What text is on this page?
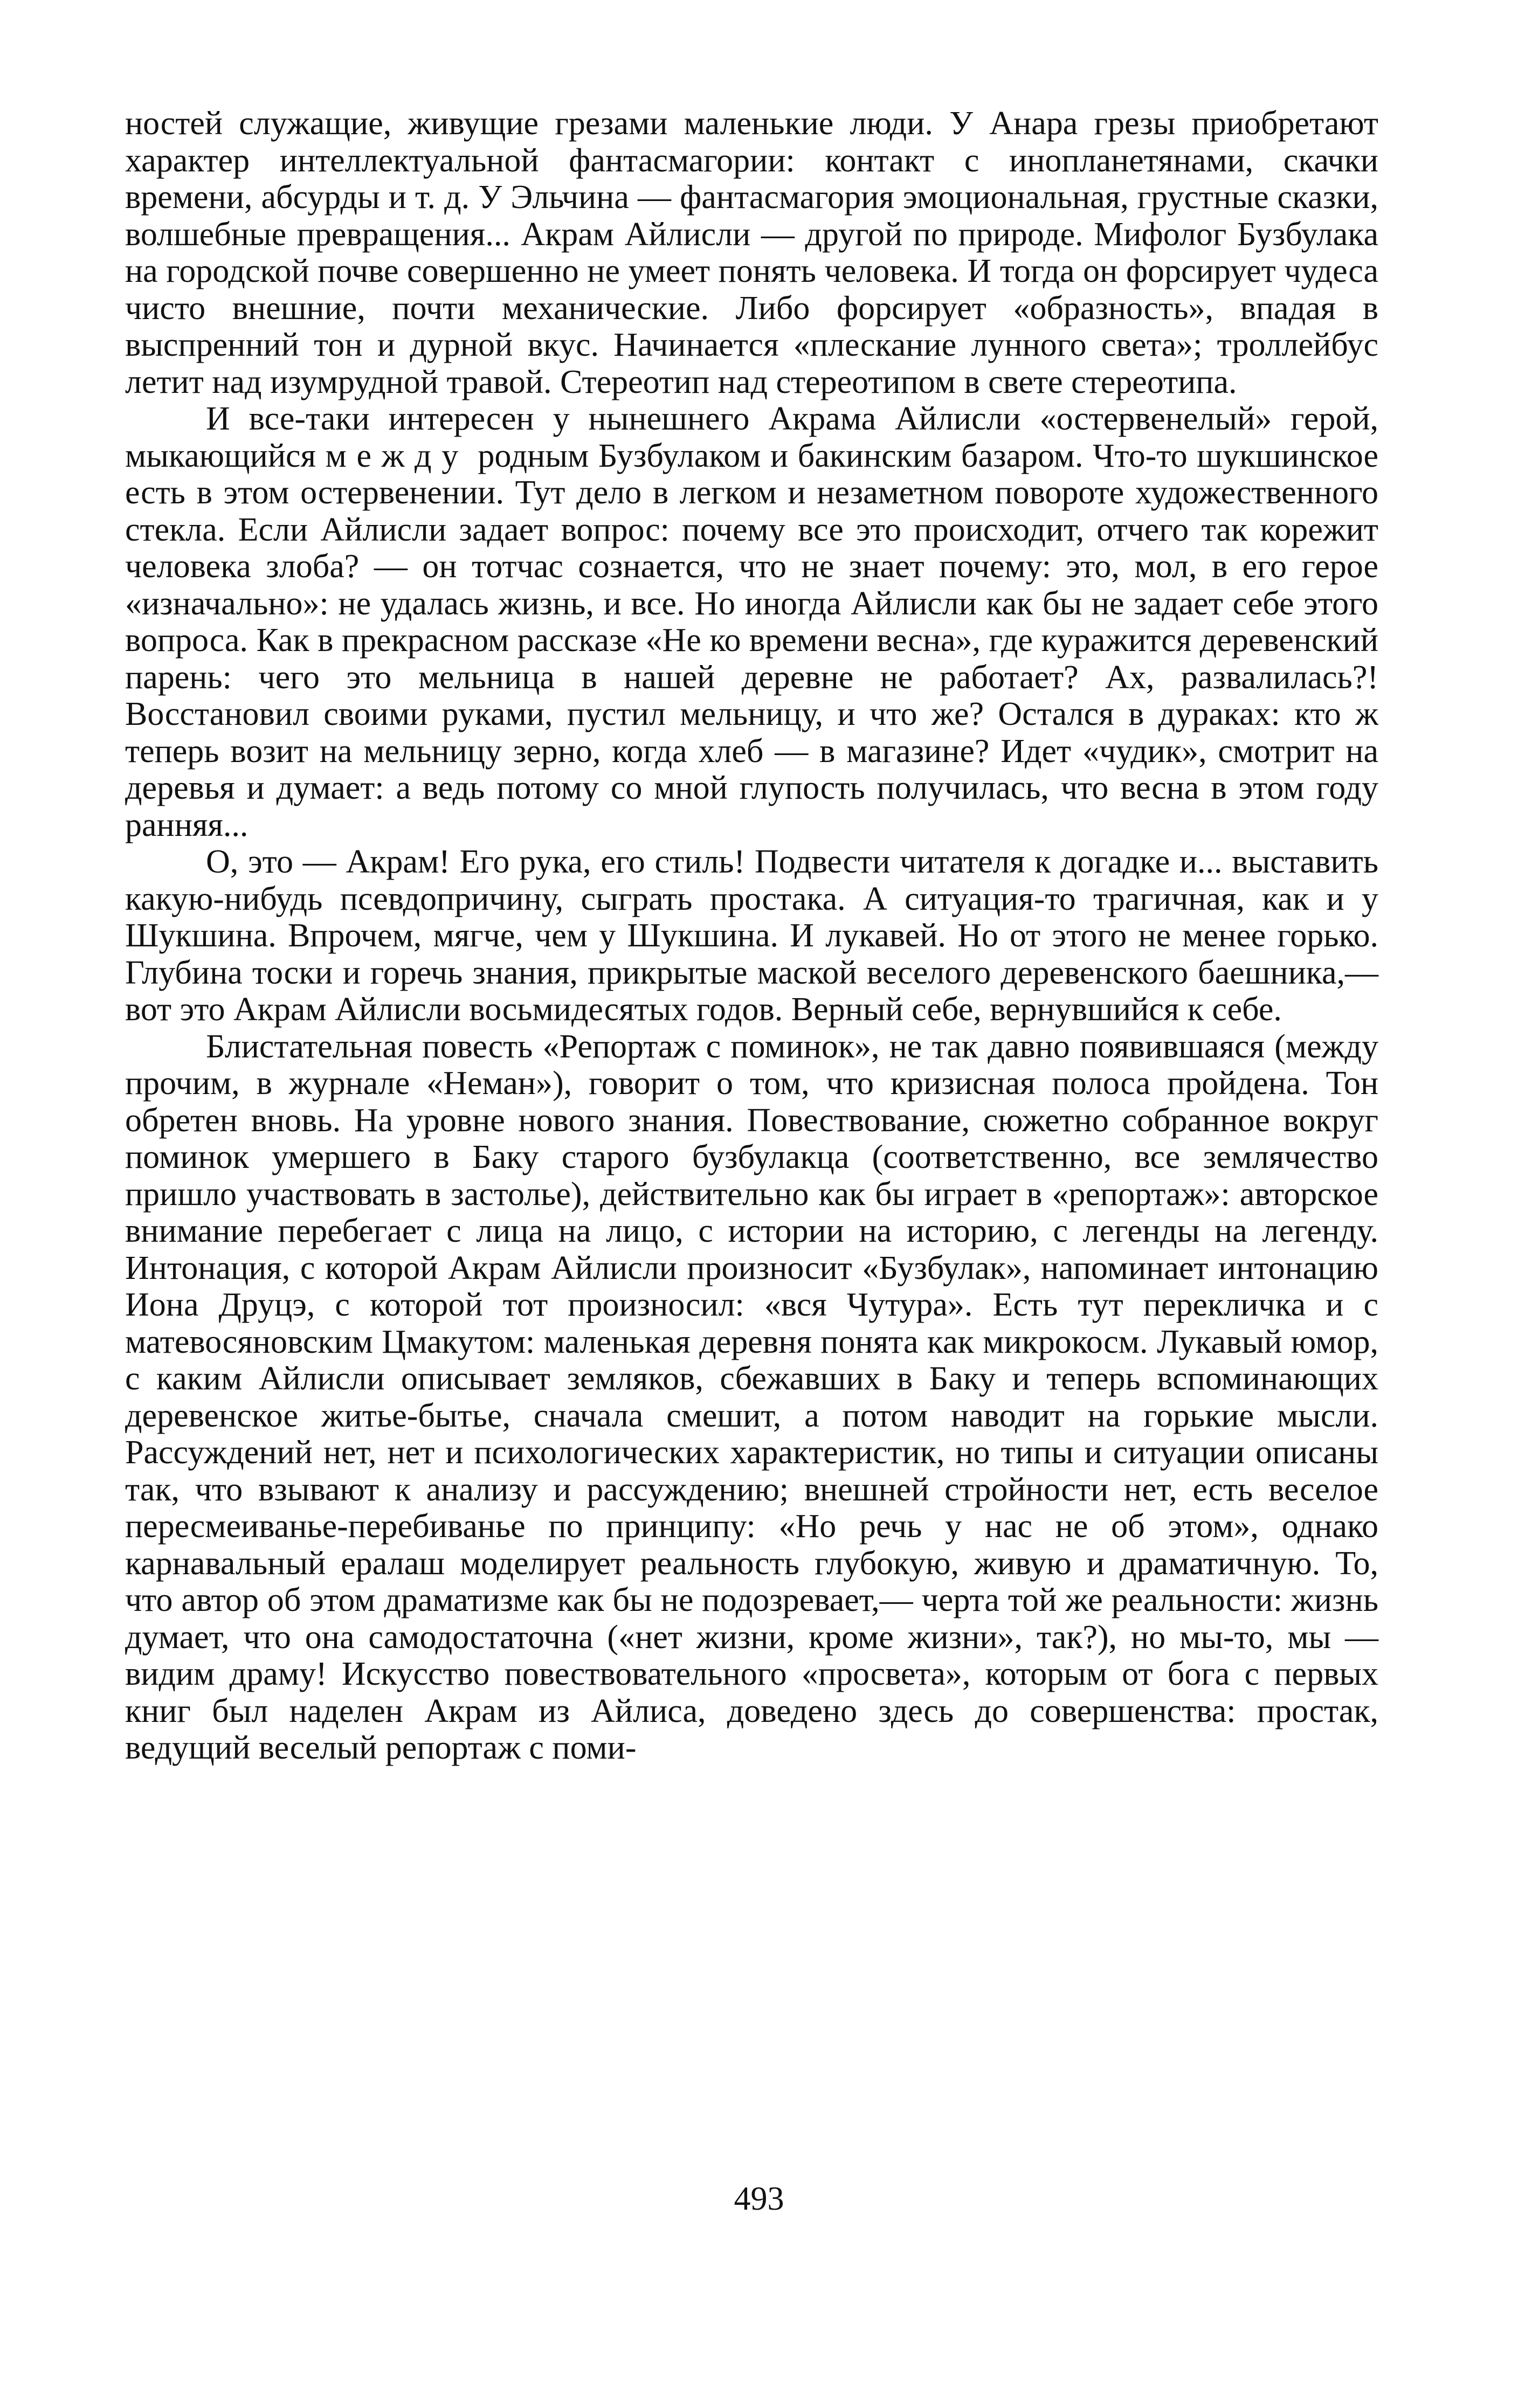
ностей служащие, живущие грезами маленькие люди. У Анара грезы приобретают характер интеллектуальной фантасмагории: контакт с инопланетянами, скачки времени, абсурды и т. д. У Эльчина — фантасмагория эмоциональная, грустные сказки, волшебные превращения... Акрам Айлисли — другой по природе. Мифолог Бузбулака на городской почве совершенно не умеет понять человека. И тогда он форсирует чудеса чисто внешние, почти механические. Либо форсирует «образность», впадая в выспренний тон и дурной вкус. Начинается «плескание лунного света»; троллейбус летит над изумрудной травой. Стереотип над стереотипом в свете стереотипа.

И все-таки интересен у нынешнего Акрама Айлисли «остервенелый» герой, мыкающийся между родным Бузбулаком и бакинским базаром. Что-то шукшинское есть в этом остервенении. Тут дело в легком и незаметном повороте художественного стекла. Если Айлисли задает вопрос: почему все это происходит, отчего так корежит человека злоба? — он тотчас сознается, что не знает почему: это, мол, в его герое «изначально»: не удалась жизнь, и все. Но иногда Айлисли как бы не задает себе этого вопроса. Как в прекрасном рассказе «Не ко времени весна», где куражится деревенский парень: чего это мельница в нашей деревне не работает? Ах, развалилась?! Восстановил своими руками, пустил мельницу, и что же? Остался в дураках: кто ж теперь возит на мельницу зерно, когда хлеб — в магазине? Идет «чудик», смотрит на деревья и думает: а ведь потому со мной глупость получилась, что весна в этом году ранняя...

О, это — Акрам! Его рука, его стиль! Подвести читателя к догадке и... выставить какую-нибудь псевдопричину, сыграть простака. А ситуация-то трагичная, как и у Шукшина. Впрочем, мягче, чем у Шукшина. И лукавей. Но от этого не менее горько. Глубина тоски и горечь знания, прикрытые маской веселого деревенского баешника,— вот это Акрам Айлисли восьмидесятых годов. Верный себе, вернувшийся к себе.

Блистательная повесть «Репортаж с поминок», не так давно появившаяся (между прочим, в журнале «Неман»), говорит о том, что кризисная полоса пройдена. Тон обретен вновь. На уровне нового знания. Повествование, сюжетно собранное вокруг поминок умершего в Баку старого бузбулакца (соответственно, все землячество пришло участвовать в застолье), действительно как бы играет в «репортаж»: авторское внимание перебегает с лица на лицо, с истории на историю, с легенды на легенду. Интонация, с которой Акрам Айлисли произносит «Бузбулак», напоминает интонацию Иона Друцэ, с которой тот произносил: «вся Чутура». Есть тут перекличка и с матевосяновским Цмакутом: маленькая деревня понята как микрокосм. Лукавый юмор, с каким Айлисли описывает земляков, сбежавших в Баку и теперь вспоминающих деревенское житье-бытье, сначала смешит, а потом наводит на горькие мысли. Рассуждений нет, нет и психологических характеристик, но типы и ситуации описаны так, что взывают к анализу и рассуждению; внешней стройности нет, есть веселое пересмеиванье-перебиванье по принципу: «Но речь у нас не об этом», однако карнавальный ералаш моделирует реальность глубокую, живую и драматичную. То, что автор об этом драматизме как бы не подозревает,— черта той же реальности: жизнь думает, что она самодостаточна («нет жизни, кроме жизни», так?), но мы-то, мы — видим драму! Искусство повествовательного «просвета», которым от бога с первых книг был наделен Акрам из Айлиса, доведено здесь до совершенства: простак, ведущий веселый репортаж с поми-

493
